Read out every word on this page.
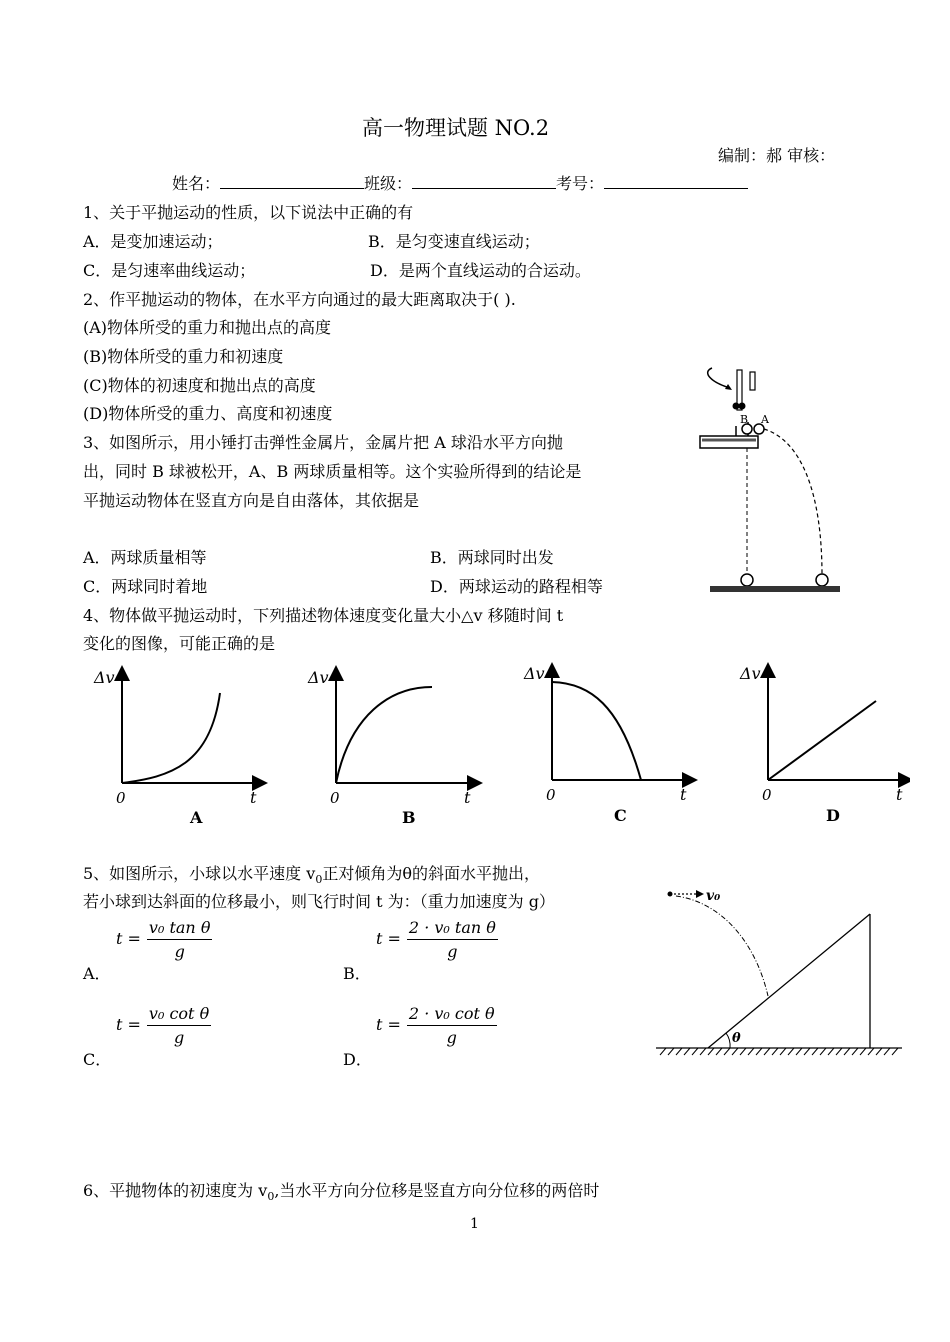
高一物理试题 NO.2
编制：郝 审核：
姓名：	班级：	考号：
1、关于平抛运动的性质，以下说法中正确的有
A．是变加速运动；	B．是匀变速直线运动；
C．是匀速率曲线运动；	D．是两个直线运动的合运动。
2、作平抛运动的物体，在水平方向通过的最大距离取决于( ).
(A)物体所受的重力和抛出点的高度
(B)物体所受的重力和初速度
(C)物体的初速度和抛出点的高度
(D)物体所受的重力、高度和初速度
3、如图所示，用小锤打击弹性金属片，金属片把 A 球沿水平方向抛
出，同时 B 球被松开，A、B 两球质量相等。这个实验所得到的结论是
平抛运动物体在竖直方向是自由落体，其依据是
A．两球质量相等	B．两球同时出发
C．两球同时着地	D．两球运动的路程相等
B A
4、物体做平抛运动时，下列描述物体速度变化量大小△v 移随时间 t
变化的图像，可能正确的是
Δv
t
0
A
Δv
t
0
B
Δv
t
0
C
Δv
t
0
D
5、如图所示，小球以水平速度 $v_0$正对倾角为θ的斜面水平抛出，
若小球到达斜面的位移最小，则飞行时间 t 为：（重力加速度为 g）
$t = \frac{\text{v₀ tan θ}}{g}$
A．
$t = \frac{\text{2 · v₀ tan θ}}{g}$
B．
$t = \frac{\text{v₀ cot θ}}{g}$
C．
$t = \frac{\text{2 · v₀ cot θ}}{g}$
D．
v₀
θ
6、平抛物体的初速度为 $v_0$,当水平方向分位移是竖直方向分位移的两倍时
1
